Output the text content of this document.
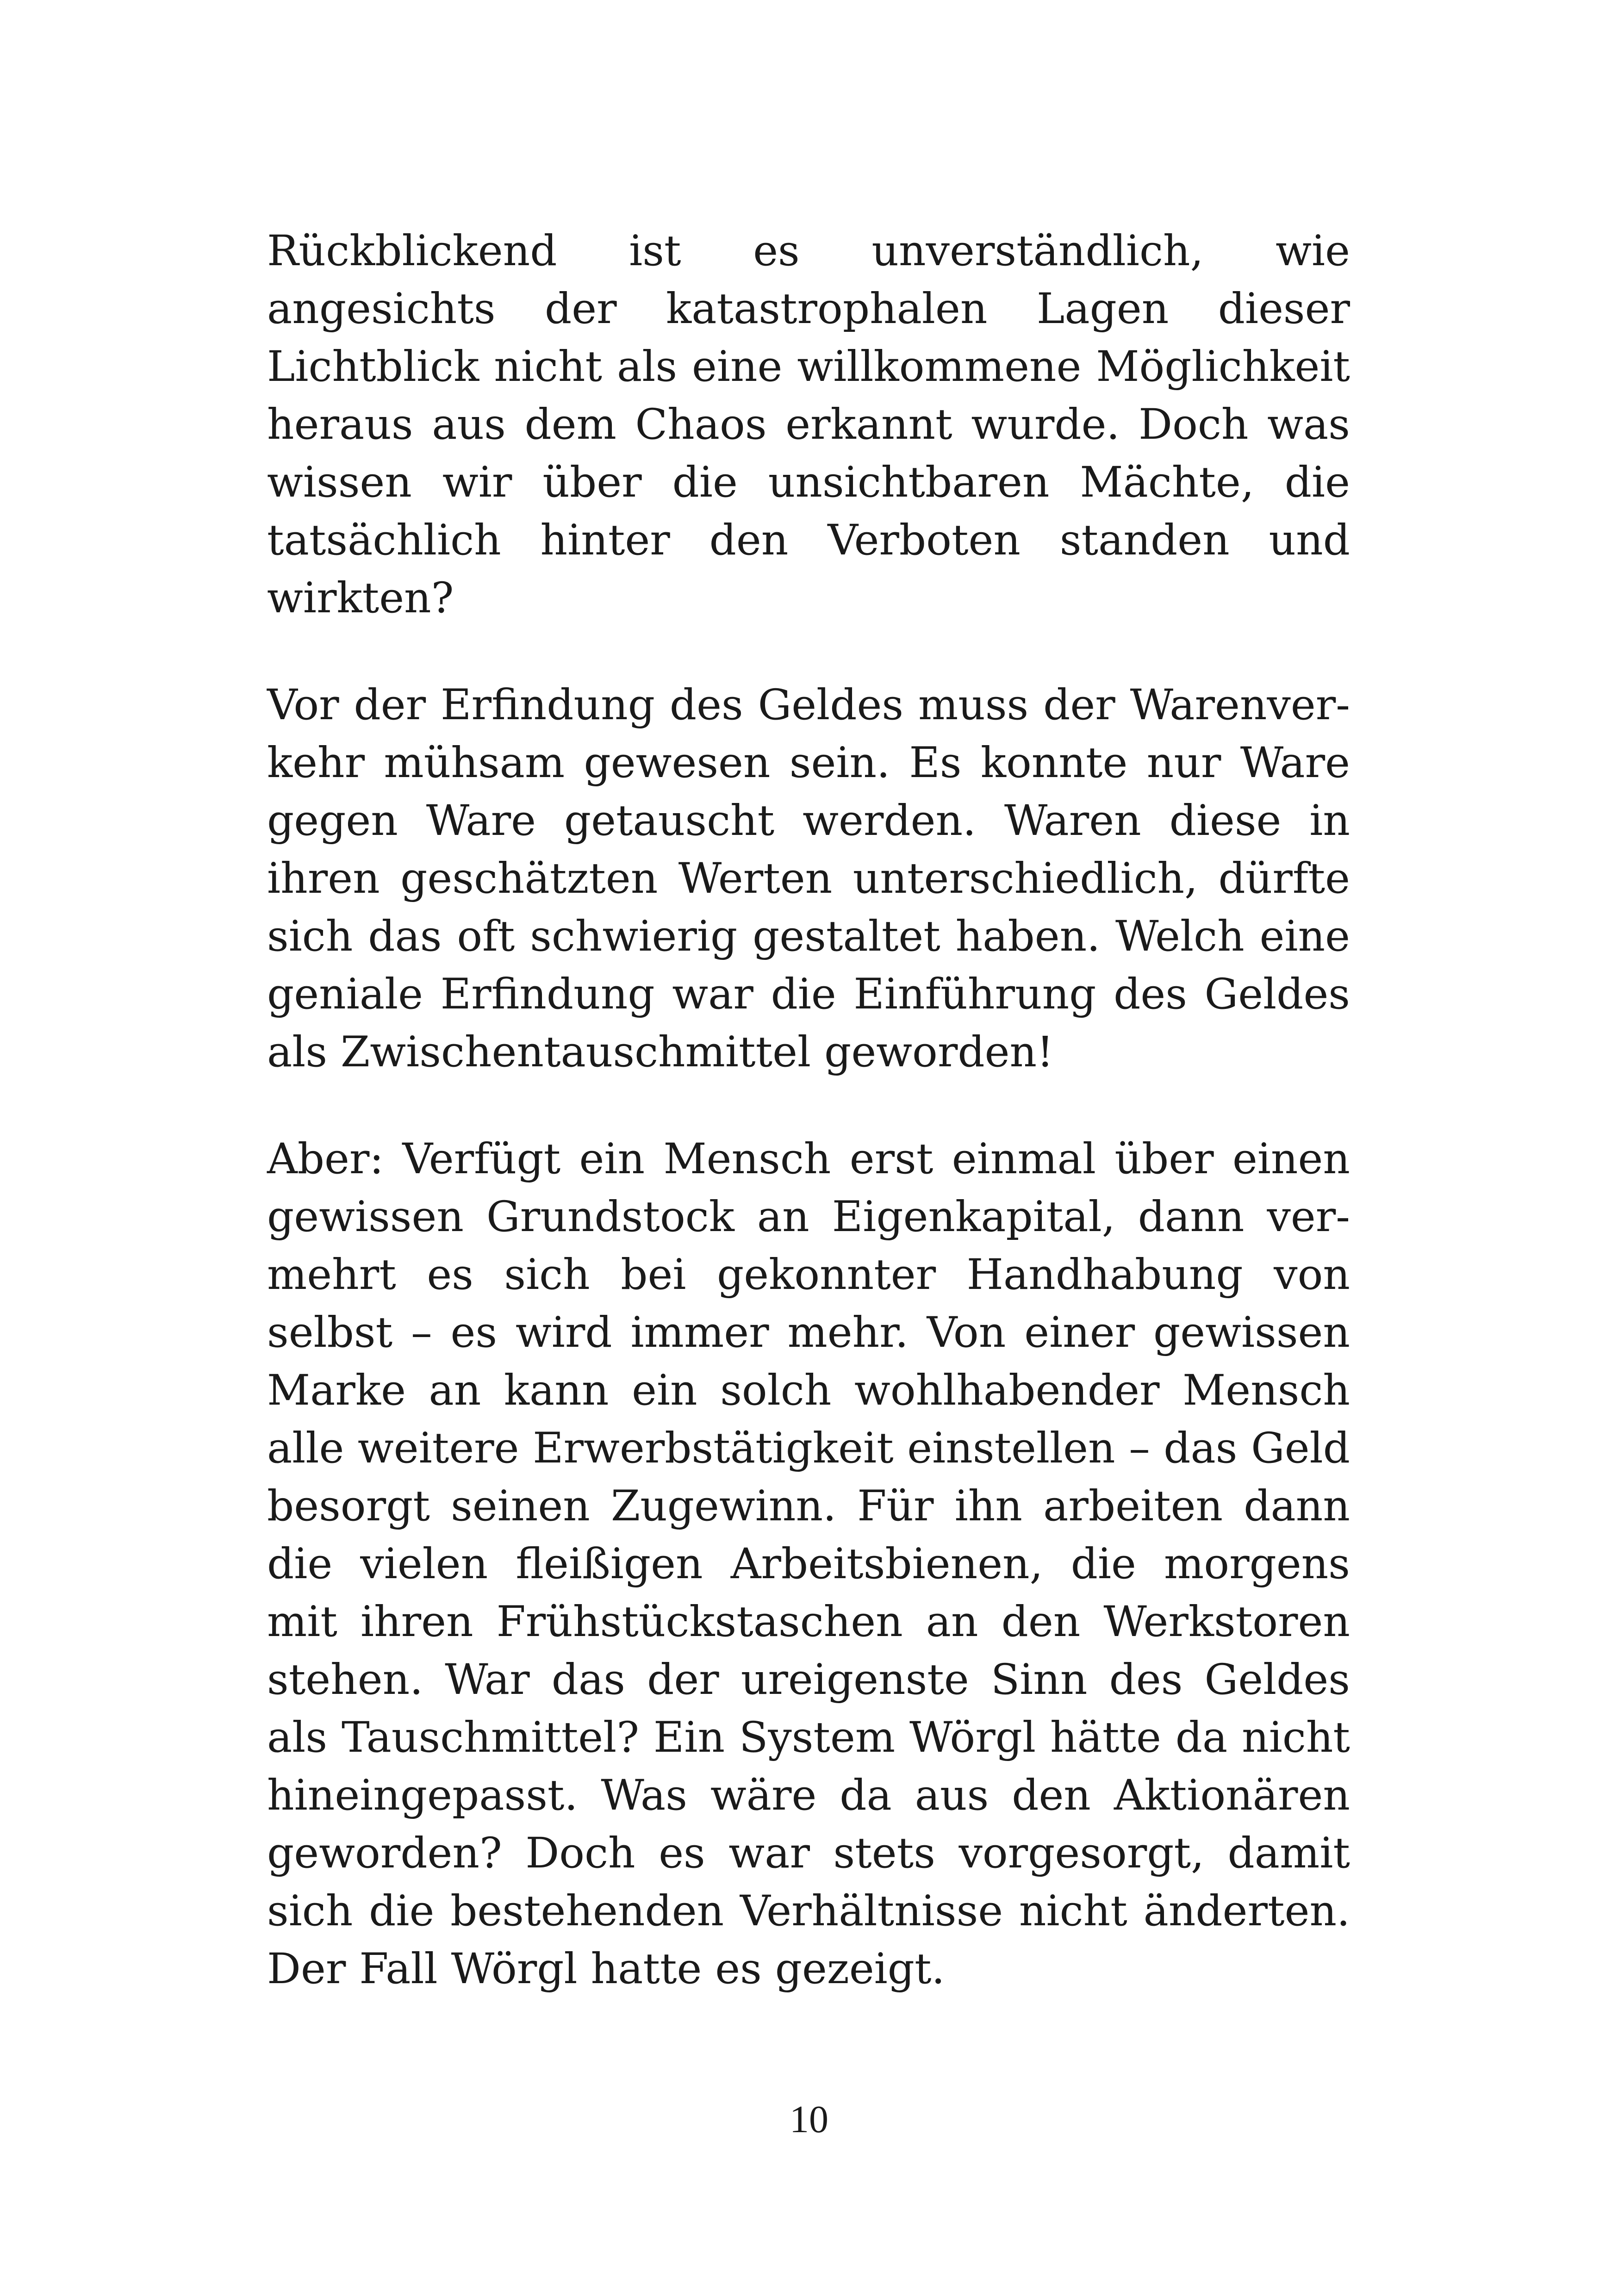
Rückblickend ist es unverständlich, wie angesichts der katastrophalen Lagen dieser Lichtblick nicht als eine willkommene Möglichkeit heraus aus dem Chaos erkannt wurde. Doch was wissen wir über die unsichtbaren Mächte, die tatsächlich hinter den Verboten standen und wirkten?

Vor der Erfindung des Geldes muss der Warenverkehr mühsam gewesen sein. Es konnte nur Ware gegen Ware getauscht werden. Waren diese in ihren geschätzten Werten unterschiedlich, dürfte sich das oft schwierig gestaltet haben. Welch eine geniale Erfindung war die Einführung des Geldes als Zwischentauschmittel geworden!

Aber: Verfügt ein Mensch erst einmal über einen gewissen Grundstock an Eigenkapital, dann vermehrt es sich bei gekonnter Handhabung von selbst – es wird immer mehr. Von einer gewissen Marke an kann ein solch wohlhabender Mensch alle weitere Erwerbstätigkeit einstellen – das Geld besorgt seinen Zugewinn. Für ihn arbeiten dann die vielen fleißigen Arbeitsbienen, die morgens mit ihren Frühstückstaschen an den Werkstoren stehen. War das der ureigenste Sinn des Geldes als Tauschmittel? Ein System Wörgl hätte da nicht hineingepasst. Was wäre da aus den Aktionären geworden? Doch es war stets vorgesorgt, damit sich die bestehenden Verhältnisse nicht änderten. Der Fall Wörgl hatte es gezeigt.

10
